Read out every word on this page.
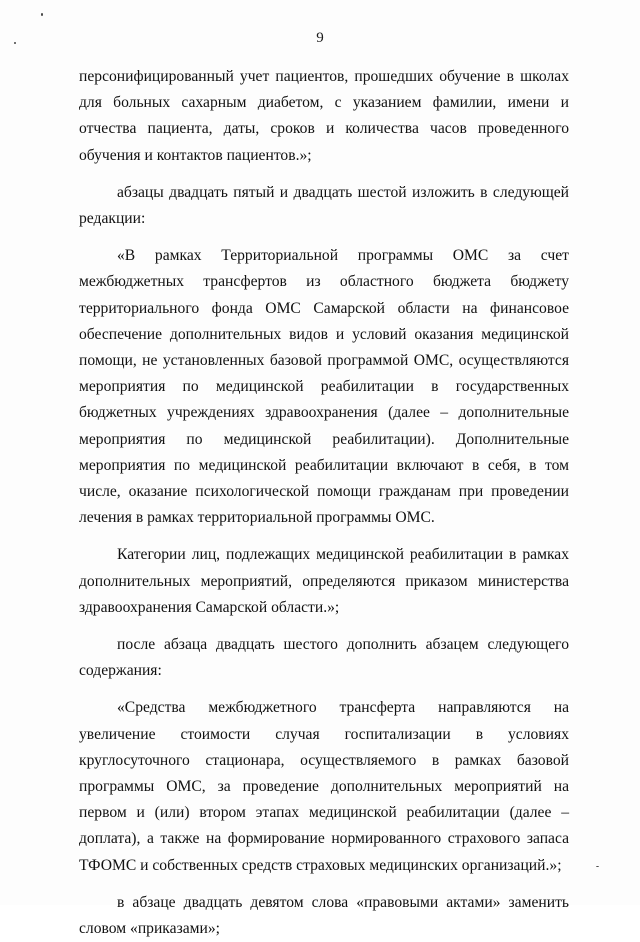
9

персонифицированный учет пациентов, прошедших обучение в школах для больных сахарным диабетом, с указанием фамилии, имени и отчества пациента, даты, сроков и количества часов проведенного обучения и контактов пациентов.»;

абзацы двадцать пятый и двадцать шестой изложить в следующей редакции:

«В рамках Территориальной программы ОМС за счет межбюджетных трансфертов из областного бюджета бюджету территориального фонда ОМС Самарской области на финансовое обеспечение дополнительных видов и условий оказания медицинской помощи, не установленных базовой программой ОМС, осуществляются мероприятия по медицинской реабилитации в государственных бюджетных учреждениях здравоохранения (далее – дополнительные мероприятия по медицинской реабилитации). Дополнительные мероприятия по медицинской реабилитации включают в себя, в том числе, оказание психологической помощи гражданам при проведении лечения в рамках территориальной программы ОМС.

Категории лиц, подлежащих медицинской реабилитации в рамках дополнительных мероприятий, определяются приказом министерства здравоохранения Самарской области.»;

после абзаца двадцать шестого дополнить абзацем следующего содержания:

«Средства межбюджетного трансферта направляются на увеличение стоимости случая госпитализации в условиях круглосуточного стационара, осуществляемого в рамках базовой программы ОМС, за проведение дополнительных мероприятий на первом и (или) втором этапах медицинской реабилитации (далее – доплата), а также на формирование нормированного страхового запаса ТФОМС и собственных средств страховых медицинских организаций.»;

в абзаце двадцать девятом слова «правовыми актами» заменить словом «приказами»;
